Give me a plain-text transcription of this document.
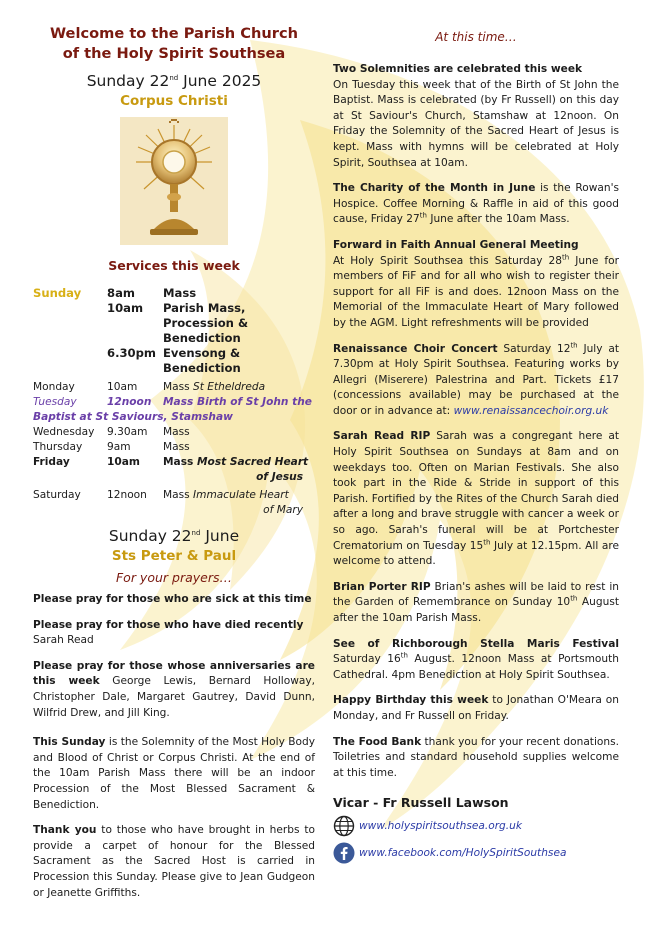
Welcome to the Parish Church
of the Holy Spirit Southsea
Sunday 22nd June 2025
Corpus Christi
Services this week
Sunday	8am	Mass
	10am	Parish Mass, Procession & Benediction
	6.30pm	Evensong & Benediction
Monday	10am	Mass St Etheldreda
Tuesday	12noon	Mass Birth of St John the
Baptist at St Saviours, Stamshaw		
Wednesday	9.30am	Mass
Thursday	9am	Mass
Friday	10am	Mass Most Sacred Heart
of Jesus		
Saturday	12noon	Mass Immaculate Heart
of Mary		
Sunday 22nd June
Sts Peter & Paul
For your prayers…

Please pray for those who are sick at this time

Please pray for those who have died recently

Sarah Read

Please pray for those whose anniversaries are this week George Lewis, Bernard Holloway, Christopher Dale, Margaret Gautrey, David Dunn, Wilfrid Drew, and Jill King.

This Sunday is the Solemnity of the Most Holy Body and Blood of Christ or Corpus Christi. At the end of the 10am Parish Mass there will be an indoor Procession of the Most Blessed Sacrament & Benediction.

Thank you to those who have brought in herbs to provide a carpet of honour for the Blessed Sacrament as the Sacred Host is carried in Procession this Sunday. Please give to Jean Gudgeon or Jeanette Griffiths.

At this time…

Two Solemnities are celebrated this week
On Tuesday this week that of the Birth of St John the Baptist. Mass is celebrated (by Fr Russell) on this day at St Saviour's Church, Stamshaw at 12noon. On Friday the Solemnity of the Sacred Heart of Jesus is kept. Mass with hymns will be celebrated at Holy Spirit, Southsea at 10am.

The Charity of the Month in June is the Rowan's Hospice. Coffee Morning & Raffle in aid of this good cause, Friday 27th June after the 10am Mass.

Forward in Faith Annual General Meeting
At Holy Spirit Southsea this Saturday 28th June for members of FiF and for all who wish to register their support for all FiF is and does. 12noon Mass on the Memorial of the Immaculate Heart of Mary followed by the AGM. Light refreshments will be provided

Renaissance Choir Concert Saturday 12th July at 7.30pm at Holy Spirit Southsea. Featuring works by Allegri (Miserere) Palestrina and Part. Tickets £17 (concessions available) may be purchased at the door or in advance at: www.renaissancechoir.org.uk

Sarah Read RIP Sarah was a congregant here at Holy Spirit Southsea on Sundays at 8am and on weekdays too. Often on Marian Festivals. She also took part in the Ride & Stride in support of this Parish. Fortified by the Rites of the Church Sarah died after a long and brave struggle with cancer a week or so ago. Sarah's funeral will be at Portchester Crematorium on Tuesday 15th July at 12.15pm. All are welcome to attend.

Brian Porter RIP Brian's ashes will be laid to rest in the Garden of Remembrance on Sunday 10th August after the 10am Parish Mass.

See of Richborough Stella Maris Festival Saturday 16th August. 12noon Mass at Portsmouth Cathedral. 4pm Benediction at Holy Spirit Southsea.

Happy Birthday this week to Jonathan O'Meara on Monday, and Fr Russell on Friday.

The Food Bank thank you for your recent donations. Toiletries and standard household supplies welcome at this time.

Vicar - Fr Russell Lawson
www.holyspiritsouthsea.org.uk
www.facebook.com/HolySpiritSouthsea
